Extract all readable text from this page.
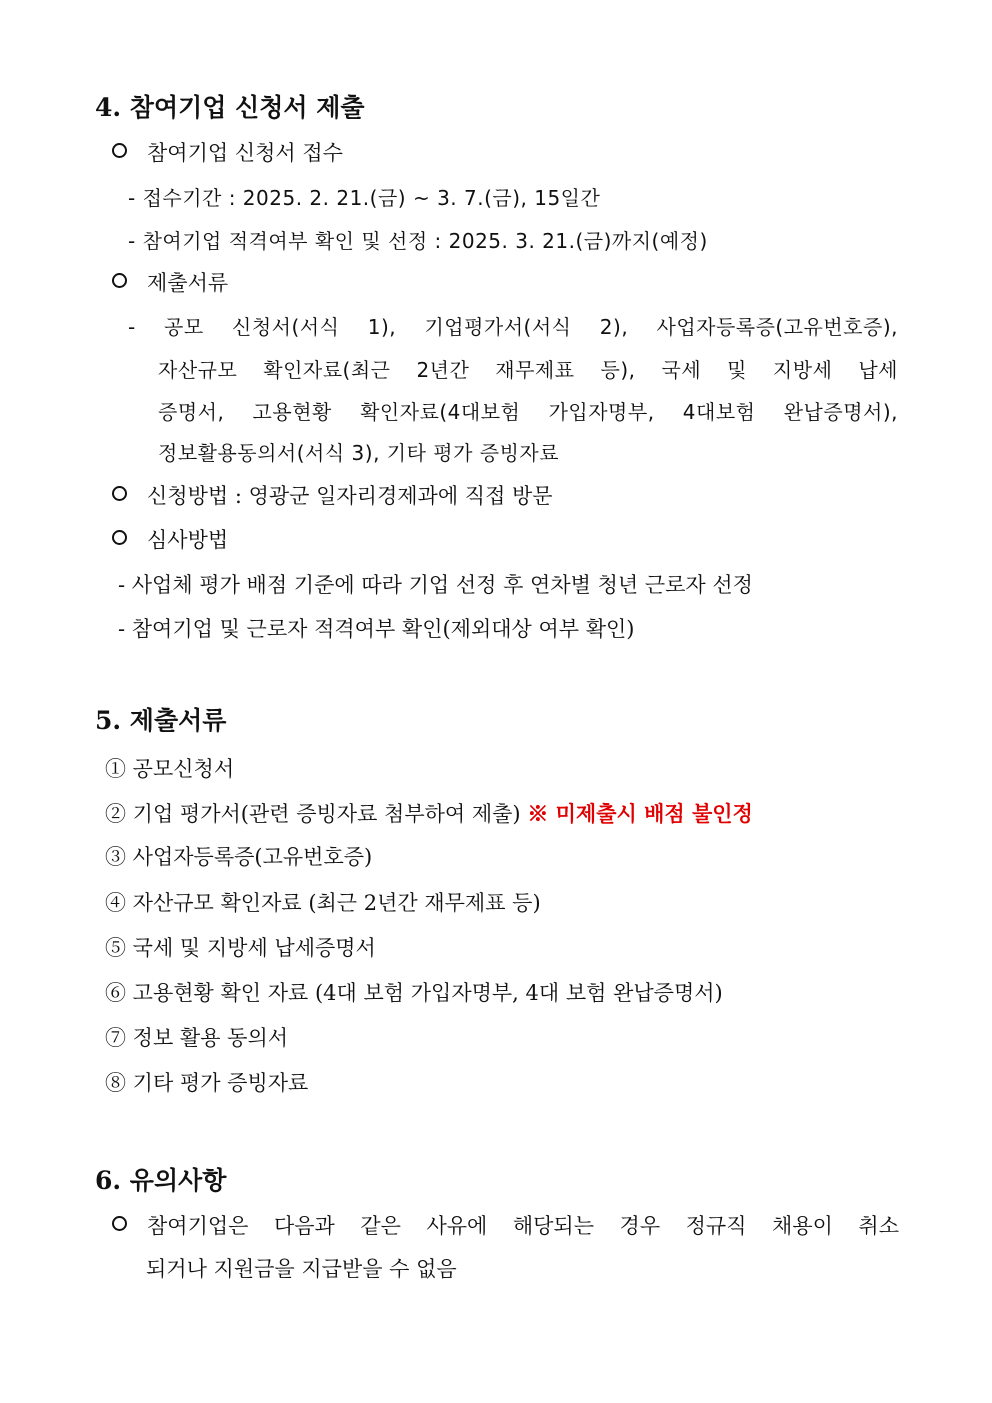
4. 참여기업 신청서 제출
참여기업 신청서 접수
- 접수기간 : 2025. 2. 21.(금) ~ 3. 7.(금), 15일간
- 참여기업 적격여부 확인 및 선정 : 2025. 3. 21.(금)까지(예정)
제출서류
- 공모 신청서(서식 1), 기업평가서(서식 2), 사업자등록증(고유번호증),
자산규모 확인자료(최근 2년간 재무제표 등), 국세 및 지방세 납세
증명서, 고용현황 확인자료(4대보험 가입자명부, 4대보험 완납증명서),
정보활용동의서(서식 3), 기타 평가 증빙자료
신청방법 : 영광군 일자리경제과에 직접 방문
심사방법
- 사업체 평가 배점 기준에 따라 기업 선정 후 연차별 청년 근로자 선정
- 참여기업 및 근로자 적격여부 확인(제외대상 여부 확인)
5. 제출서류
① 공모신청서
② 기업 평가서(관련 증빙자료 첨부하여 제출) ※ 미제출시 배점 불인정
③ 사업자등록증(고유번호증)
④ 자산규모 확인자료 (최근 2년간 재무제표 등)
⑤ 국세 및 지방세 납세증명서
⑥ 고용현황 확인 자료 (4대 보험 가입자명부, 4대 보험 완납증명서)
⑦ 정보 활용 동의서
⑧ 기타 평가 증빙자료
6. 유의사항
참여기업은 다음과 같은 사유에 해당되는 경우 정규직 채용이 취소
되거나 지원금을 지급받을 수 없음
